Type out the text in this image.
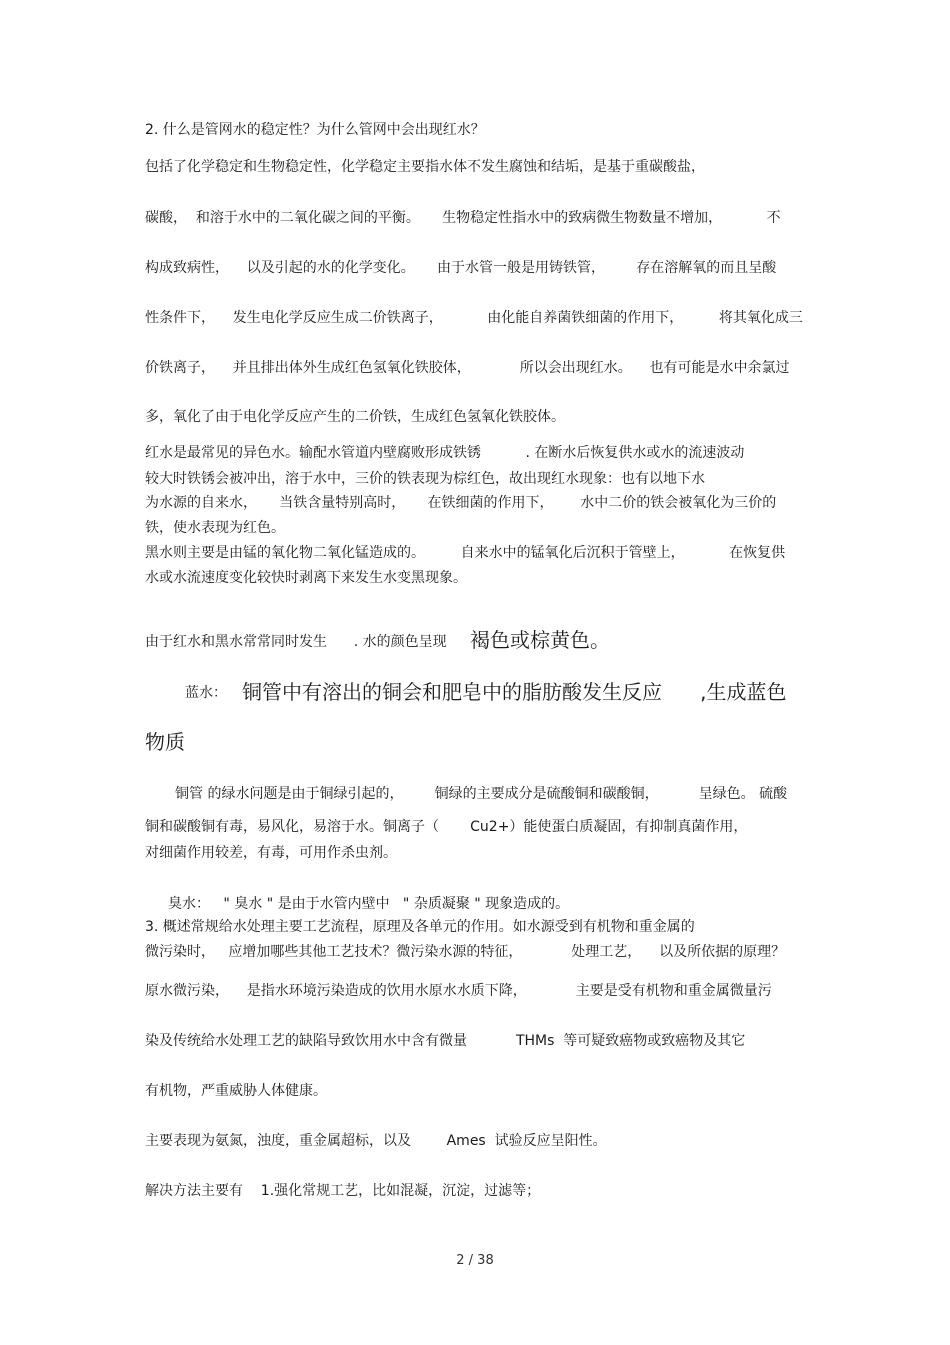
2. 什么是管网水的稳定性？为什么管网中会出现红水？
包括了化学稳定和生物稳定性，化学稳定主要指水体不发生腐蚀和结垢，是基于重碳酸盐，
碳酸，  和溶于水中的二氧化碳之间的平衡。     生物稳定性指水中的致病微生物数量不增加，          不
构成致病性，    以及引起的水的化学变化。     由于水管一般是用铸铁管，       存在溶解氧的而且呈酸
性条件下，    发生电化学反应生成二价铁离子，          由化能自养菌铁细菌的作用下，        将其氧化成三
价铁离子，    并且排出体外生成红色氢氧化铁胶体，           所以会出现红水。    也有可能是水中余氯过
多，氧化了由于电化学反应产生的二价铁，生成红色氢氧化铁胶体。
红水是最常见的异色水。输配水管道内壁腐败形成铁锈          . 在断水后恢复供水或水的流速波动
较大时铁锈会被冲出，溶于水中，三价的铁表现为棕红色，故出现红水现象：也有以地下水
为水源的自来水，     当铁含量特别高时，     在铁细菌的作用下，      水中二价的铁会被氧化为三价的
铁，使水表现为红色。
黑水则主要是由锰的氧化物二氧化锰造成的。        自来水中的锰氧化后沉积于管壁上，          在恢复供
水或水流速度变化较快时剥离下来发生水变黑现象。
由于红水和黑水常常同时发生      . 水的颜色呈现 褐色或棕黄色。
蓝水： 铜管中有溶出的铜会和肥皂中的脂肪酸发生反应      ,生成蓝色
物质
铜管 的绿水问题是由于铜绿引起的，       铜绿的主要成分是硫酸铜和碳酸铜，         呈绿色。 硫酸
铜和碳酸铜有毒，易风化，易溶于水。铜离子（       Cu2+）能使蛋白质凝固，有抑制真菌作用，
对细菌作用较差，有毒，可用作杀虫剂。
臭水：   " 臭水 " 是由于水管内壁中   " 杂质凝聚 " 现象造成的。
3. 概述常规给水处理主要工艺流程，原理及各单元的作用。如水源受到有机物和重金属的
微污染时，   应增加哪些其他工艺技术？微污染水源的特征，           处理工艺，    以及所依据的原理？
原水微污染，    是指水环境污染造成的饮用水原水水质下降，           主要是受有机物和重金属微量污
染及传统给水处理工艺的缺陷导致饮用水中含有微量           THMs  等可疑致癌物或致癌物及其它
有机物，严重威胁人体健康。
主要表现为氨氮，浊度，重金属超标，以及        Ames  试验反应呈阳性。
解决方法主要有    1.强化常规工艺，比如混凝，沉淀，过滤等；
2 / 38
